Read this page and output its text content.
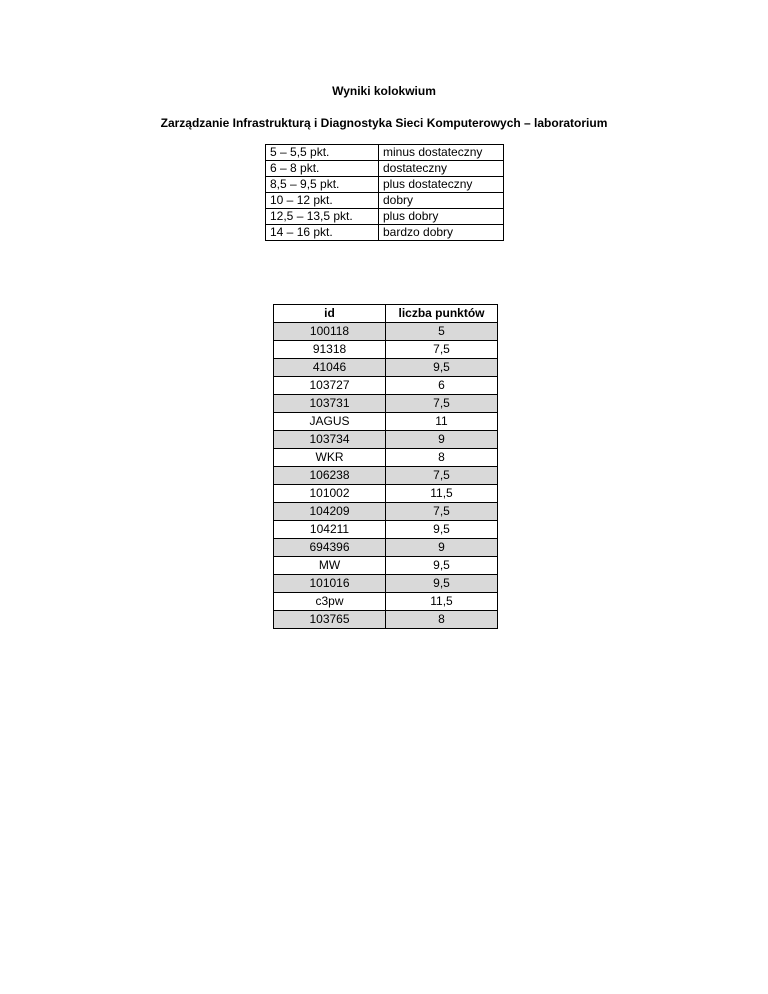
Wyniki kolokwium
Zarządzanie Infrastrukturą i Diagnostyka Sieci Komputerowych – laboratorium
5 – 5,5 pkt.	minus dostateczny
6 – 8 pkt.	dostateczny
8,5 – 9,5 pkt.	plus dostateczny
10 – 12 pkt.	dobry
12,5 – 13,5 pkt.	plus dobry
14 – 16 pkt.	bardzo dobry
id	liczba punktów
100118	5
91318	7,5
41046	9,5
103727	6
103731	7,5
JAGUS	11
103734	9
WKR	8
106238	7,5
101002	11,5
104209	7,5
104211	9,5
694396	9
MW	9,5
101016	9,5
c3pw	11,5
103765	8
